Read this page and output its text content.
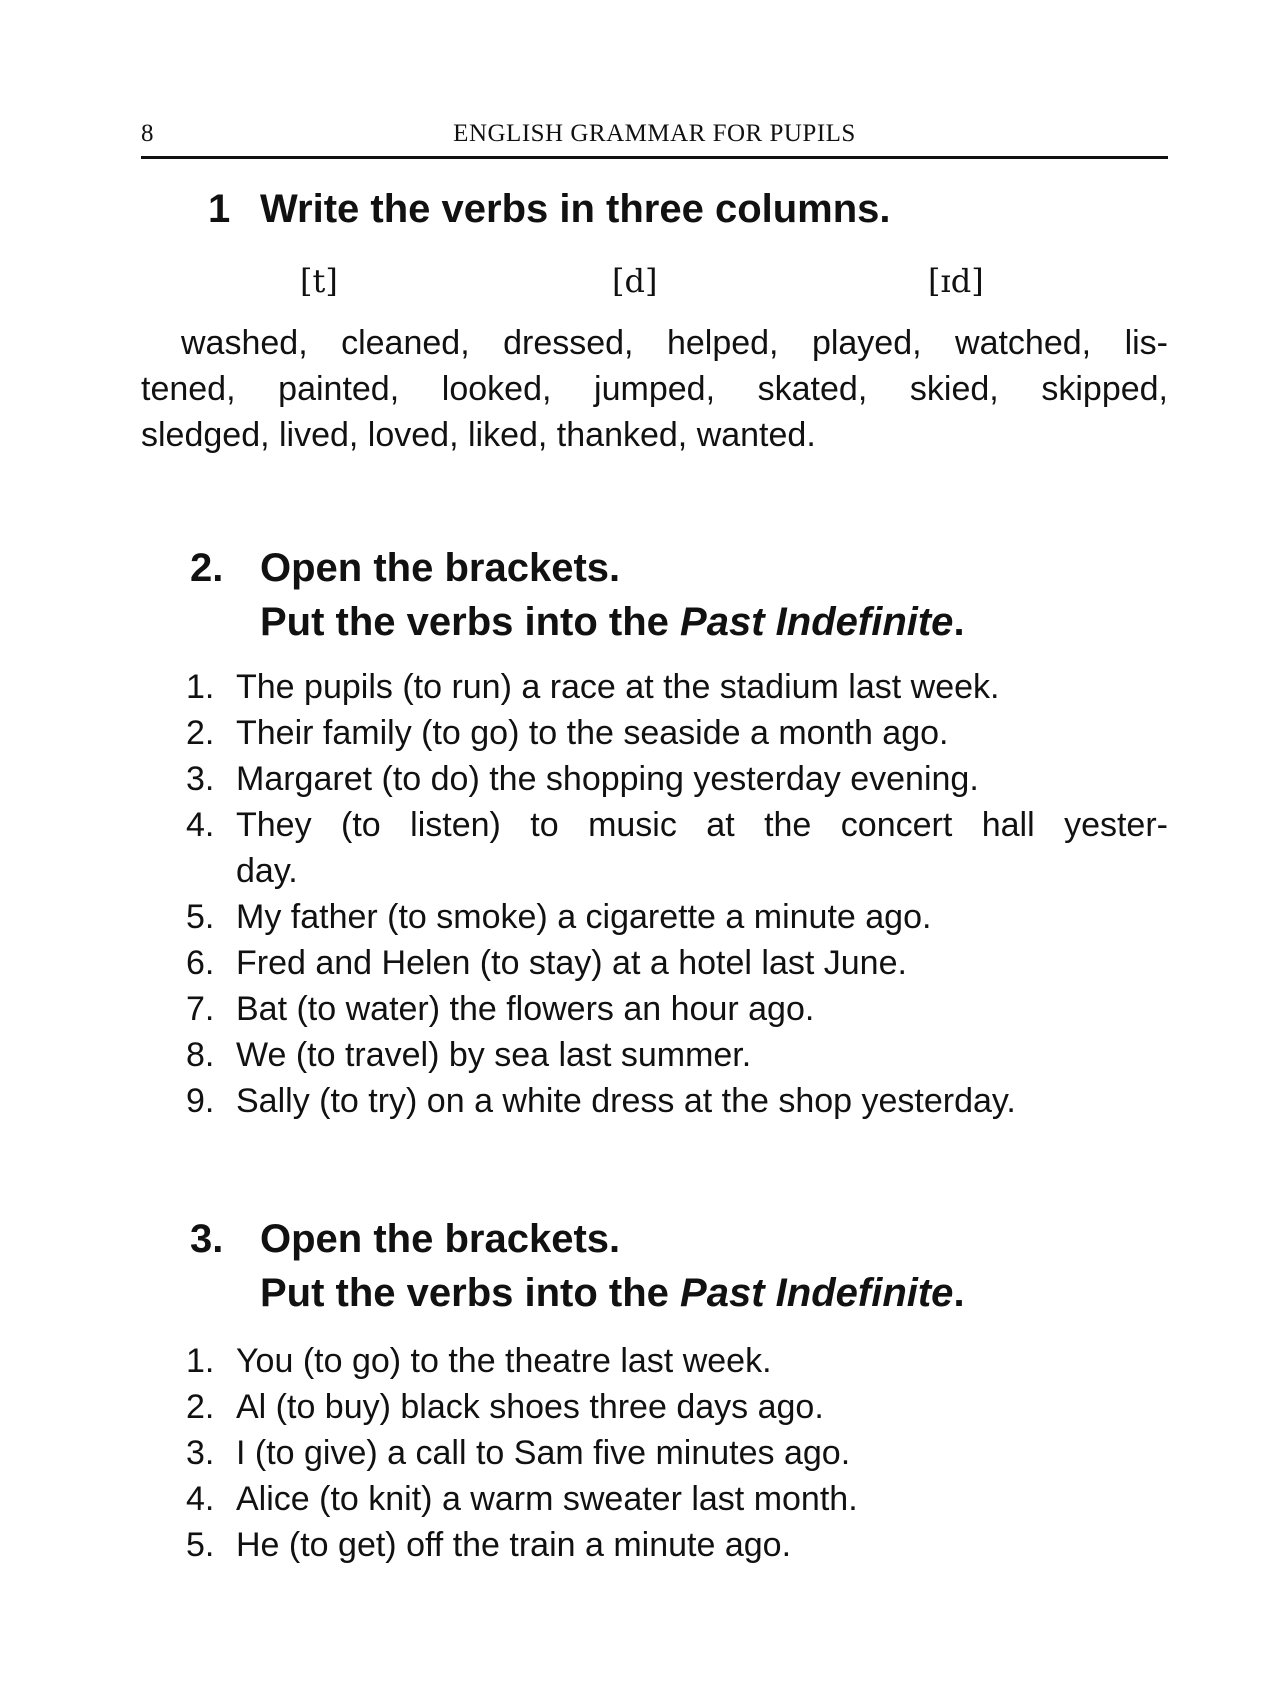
8	ENGLISH GRAMMAR FOR PUPILS
1 Write the verbs in three columns.
[t]	[d]	[ɪd]
washed, cleaned, dressed, helped, played, watched, lis-
tened, painted, looked, jumped, skated, skied, skipped,
sledged, lived, loved, liked, thanked, wanted.
2. Open the brackets.
Put the verbs into the Past Indefinite.
1. The pupils (to run) a race at the stadium last week.
2. Their family (to go) to the seaside a month ago.
3. Margaret (to do) the shopping yesterday evening.
4. They (to listen) to music at the concert hall yester-
day.
5. My father (to smoke) a cigarette a minute ago.
6. Fred and Helen (to stay) at a hotel last June.
7. Bat (to water) the flowers an hour ago.
8. We (to travel) by sea last summer.
9. Sally (to try) on a white dress at the shop yesterday.
3. Open the brackets.
Put the verbs into the Past Indefinite.
1. You (to go) to the theatre last week.
2. Al (to buy) black shoes three days ago.
3. I (to give) a call to Sam five minutes ago.
4. Alice (to knit) a warm sweater last month.
5. He (to get) off the train a minute ago.
